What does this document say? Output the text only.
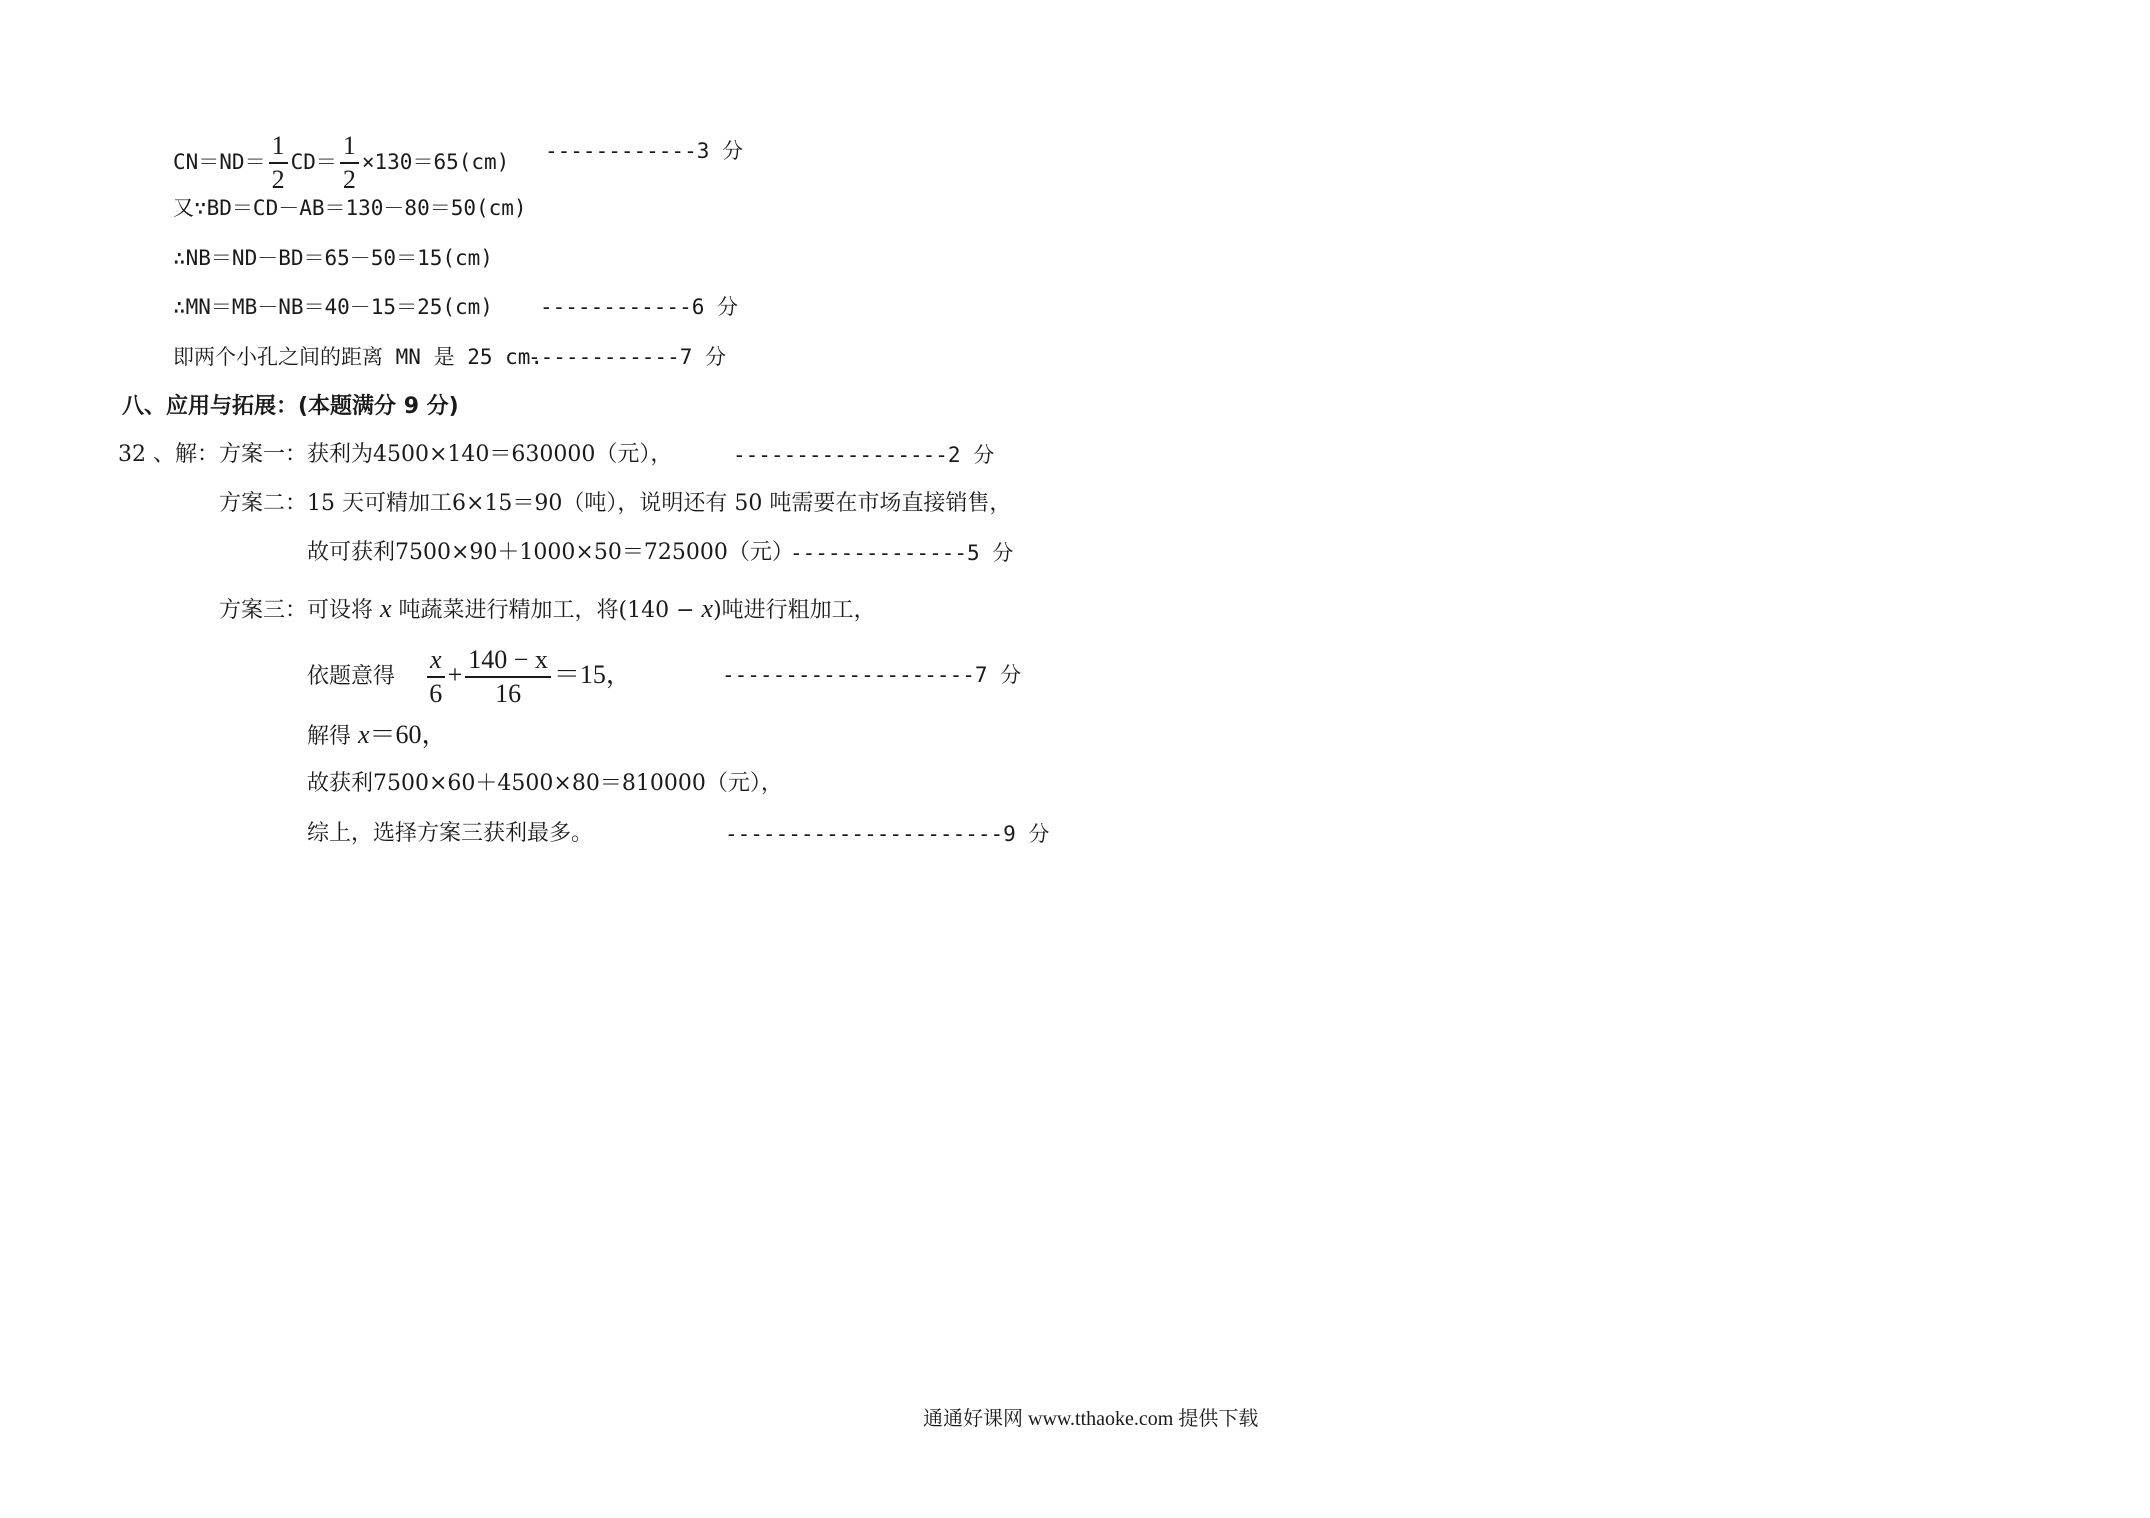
$CN=ND= \frac{1}{2} CD= \frac{1}{2} \times 130=65(cm)$ ------------3 分
又∵BD＝CD－AB＝130－80＝50(cm)
∴NB＝ND－BD＝65－50＝15(cm)
∴MN＝MB－NB＝40－15＝25(cm) ------------6 分
即两个小孔之间的距离 MN 是 25 cm.
------------7 分
八、应用与拓展：(本题满分 9 分)
32 、解： 方案一：获利为4500×140＝630000（元），	-----------------2 分
方案二：15 天可精加工6×15＝90（吨），说明还有 50 吨需要在市场直接销售，
故可获利7500×90＋1000×50＝725000（元）
--------------5 分
方案三：可设将 x 吨蔬菜进行精加工，将(140 − x)吨进行粗加工，
依题意得 $\frac{x}{6} + \frac{140 - x}{16} =15$，	--------------------7 分
解得 x＝60，
故获利7500×60＋4500×80＝810000（元），
综上，选择方案三获利最多。	----------------------9 分
通通好课网 www.tthaoke.com 提供下载
